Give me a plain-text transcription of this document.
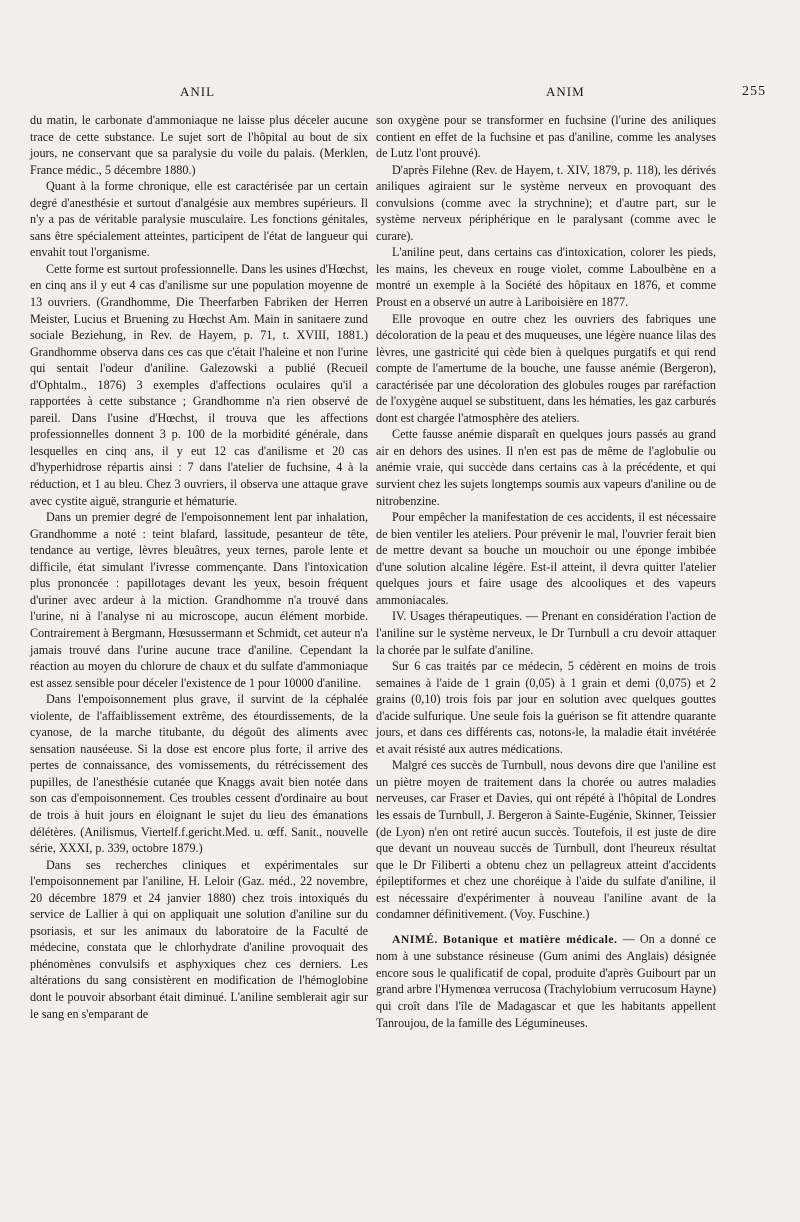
ANIL	ANIM	255

du matin, le carbonate d'ammoniaque ne laisse plus déceler aucune trace de cette substance. Le sujet sort de l'hôpital au bout de six jours, ne conservant que sa paralysie du voile du palais. (Merklen, France médic., 5 décembre 1880.)

Quant à la forme chronique, elle est caractérisée par un certain degré d'anesthésie et surtout d'analgésie aux membres supérieurs. Il n'y a pas de véritable paralysie musculaire. Les fonctions génitales, sans être spécialement atteintes, participent de l'état de langueur qui envahit tout l'organisme.

Cette forme est surtout professionnelle. Dans les usines d'Hœchst, en cinq ans il y eut 4 cas d'anilisme sur une population moyenne de 13 ouvriers. (Grandhomme, Die Theerfarben Fabriken der Herren Meister, Lucius et Bruening zu Hœchst Am. Main in sanitaere zund sociale Beziehung, in Rev. de Hayem, p. 71, t. XVIII, 1881.) Grandhomme observa dans ces cas que c'était l'haleine et non l'urine qui sentait l'odeur d'aniline. Galezowski a publié (Recueil d'Ophtalm., 1876) 3 exemples d'affections oculaires qu'il a rapportées à cette substance ; Grandhomme n'a rien observé de pareil. Dans l'usine d'Hœchst, il trouva que les affections professionnelles donnent 3 p. 100 de la morbidité générale, dans lesquelles en cinq ans, il y eut 12 cas d'anilisme et 20 cas d'hyperhidrose répartis ainsi : 7 dans l'atelier de fuchsine, 4 à la réduction, et 1 au bleu. Chez 3 ouvriers, il observa une attaque grave avec cystite aiguë, strangurie et hématurie.

Dans un premier degré de l'empoisonnement lent par inhalation, Grandhomme a noté : teint blafard, lassitude, pesanteur de tête, tendance au vertige, lèvres bleuâtres, yeux ternes, parole lente et difficile, état simulant l'ivresse commençante. Dans l'intoxication plus prononcée : papillotages devant les yeux, besoin fréquent d'uriner avec ardeur à la miction. Grandhomme n'a trouvé dans l'urine, ni à l'analyse ni au microscope, aucun élément morbide. Contrairement à Bergmann, Hœsussermann et Schmidt, cet auteur n'a jamais trouvé dans l'urine aucune trace d'aniline. Cependant la réaction au moyen du chlorure de chaux et du sulfate d'ammoniaque est assez sensible pour déceler l'existence de 1 pour 10000 d'aniline.

Dans l'empoisonnement plus grave, il survint de la céphalée violente, de l'affaiblissement extrême, des étourdissements, de la cyanose, de la marche titubante, du dégoût des aliments avec sensation nauséeuse. Si la dose est encore plus forte, il arrive des pertes de connaissance, des vomissements, du rétrécissement des pupilles, de l'anesthésie cutanée que Knaggs avait bien notée dans son cas d'empoisonnement. Ces troubles cessent d'ordinaire au bout de trois à huit jours en éloignant le sujet du lieu des émanations délétères. (Anilismus, Viertelf.f.gericht.Med. u. œff. Sanit., nouvelle série, XXXI, p. 339, octobre 1879.)

Dans ses recherches cliniques et expérimentales sur l'empoisonnement par l'aniline, H. Leloir (Gaz. méd., 22 novembre, 20 décembre 1879 et 24 janvier 1880) chez trois intoxiqués du service de Lallier à qui on appliquait une solution d'aniline sur du psoriasis, et sur les animaux du laboratoire de la Faculté de médecine, constata que le chlorhydrate d'aniline provoquait des phénomènes convulsifs et asphyxiques chez ces derniers. Les altérations du sang consistèrent en modification de l'hémoglobine dont le pouvoir absorbant était diminué. L'aniline semblerait agir sur le sang en s'emparant de

son oxygène pour se transformer en fuchsine (l'urine des aniliques contient en effet de la fuchsine et pas d'aniline, comme les analyses de Lutz l'ont prouvé).

D'après Filehne (Rev. de Hayem, t. XIV, 1879, p. 118), les dérivés aniliques agiraient sur le système nerveux en provoquant des convulsions (comme avec la strychnine); et d'autre part, sur le système nerveux périphérique en le paralysant (comme avec le curare).

L'aniline peut, dans certains cas d'intoxication, colorer les pieds, les mains, les cheveux en rouge violet, comme Laboulbène en a montré un exemple à la Société des hôpitaux en 1876, et comme Proust en a observé un autre à Lariboisière en 1877.

Elle provoque en outre chez les ouvriers des fabriques une décoloration de la peau et des muqueuses, une légère nuance lilas des lèvres, une gastricité qui cède bien à quelques purgatifs et qui rend compte de l'amertume de la bouche, une fausse anémie (Bergeron), caractérisée par une décoloration des globules rouges par raréfaction de l'oxygène auquel se substituent, dans les hématies, les gaz carburés dont est chargée l'atmosphère des ateliers.

Cette fausse anémie disparaît en quelques jours passés au grand air en dehors des usines. Il n'en est pas de même de l'aglobulie ou anémie vraie, qui succède dans certains cas à la précédente, et qui survient chez les sujets longtemps soumis aux vapeurs d'aniline ou de nitrobenzine.

Pour empêcher la manifestation de ces accidents, il est nécessaire de bien ventiler les ateliers. Pour prévenir le mal, l'ouvrier ferait bien de mettre devant sa bouche un mouchoir ou une éponge imbibée d'une solution alcaline légère. Est-il atteint, il devra quitter l'atelier quelques jours et faire usage des alcooliques et des vapeurs ammoniacales.

IV. Usages thérapeutiques. — Prenant en considération l'action de l'aniline sur le système nerveux, le Dr Turnbull a cru devoir attaquer la chorée par le sulfate d'aniline.

Sur 6 cas traités par ce médecin, 5 cédèrent en moins de trois semaines à l'aide de 1 grain (0,05) à 1 grain et demi (0,075) et 2 grains (0,10) trois fois par jour en solution avec quelques gouttes d'acide sulfurique. Une seule fois la guérison se fit attendre quarante jours, et dans ces différents cas, notons-le, la maladie était invétérée et avait résisté aux autres médications.

Malgré ces succès de Turnbull, nous devons dire que l'aniline est un piètre moyen de traitement dans la chorée ou autres maladies nerveuses, car Fraser et Davies, qui ont répété à l'hôpital de Londres les essais de Turnbull, J. Bergeron à Sainte-Eugénie, Skinner, Teissier (de Lyon) n'en ont retiré aucun succès. Toutefois, il est juste de dire que devant un nouveau succès de Turnbull, dont l'heureux résultat que le Dr Filiberti a obtenu chez un pellagreux atteint d'accidents épileptiformes et chez une choréique à l'aide du sulfate d'aniline, il est nécessaire d'expérimenter à nouveau l'aniline avant de la condamner définitivement. (Voy. Fuschine.)

ANIMÉ. Botanique et matière médicale. — On a donné ce nom à une substance résineuse (Gum animi des Anglais) désignée encore sous le qualificatif de copal, produite d'après Guibourt par un grand arbre l'Hymenœa verrucosa (Trachylobium verrucosum Hayne) qui croît dans l'île de Madagascar et que les habitants appellent Tanroujou, de la famille des Légumineuses.
